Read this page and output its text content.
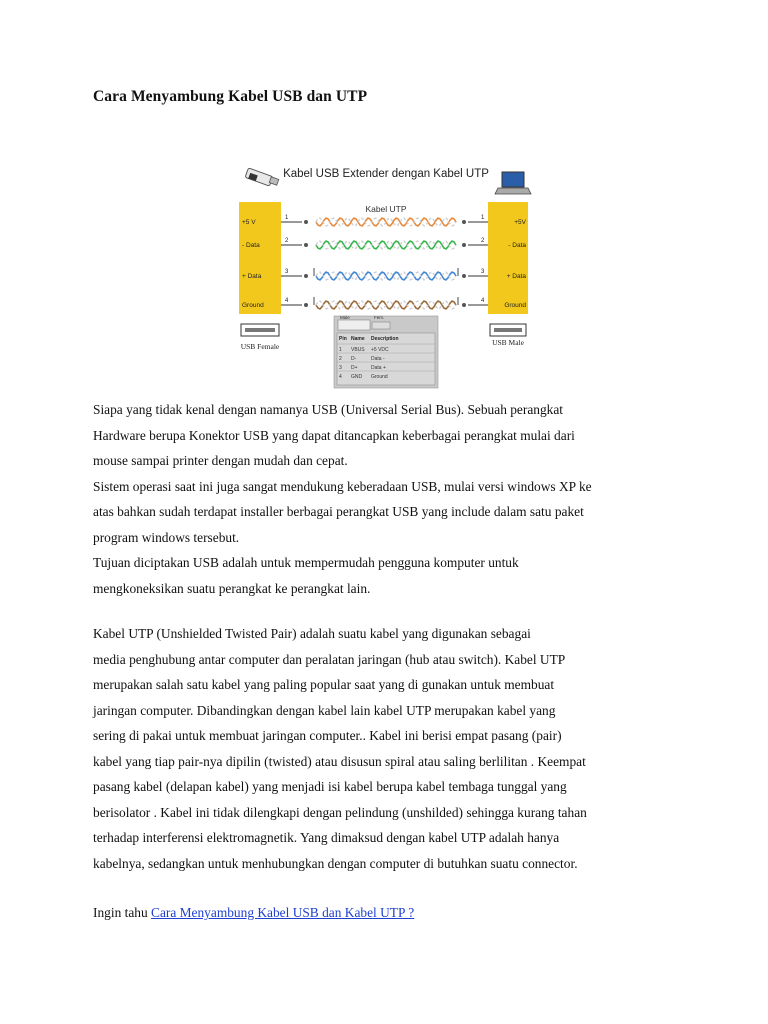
Cara Menyambung Kabel USB dan UTP
Kabel USB Extender dengan Kabel UTP
Kabel UTP
+5 V	+5V
1	1
- Data	- Data
2	2
+ Data	+ Data
3	3
Ground	Ground
4	4
USB Female	USB Male
Male	Fem.
Pin Name Description
1 VBUS +5 VDC
2 D-	Data -
3 D+	Data +
4 GND Ground
Siapa yang tidak kenal dengan namanya USB (Universal Serial Bus). Sebuah perangkat
Hardware berupa Konektor USB yang dapat ditancapkan keberbagai perangkat mulai dari
mouse sampai printer dengan mudah dan cepat.
Sistem operasi saat ini juga sangat mendukung keberadaan USB, mulai versi windows XP ke
atas bahkan sudah terdapat installer berbagai perangkat USB yang include dalam satu paket
program windows tersebut.
Tujuan diciptakan USB adalah untuk mempermudah pengguna komputer untuk
mengkoneksikan suatu perangkat ke perangkat lain.
Kabel UTP (Unshielded Twisted Pair) adalah suatu kabel yang digunakan sebagai
media penghubung antar computer dan peralatan jaringan (hub atau switch). Kabel UTP
merupakan salah satu kabel yang paling popular saat yang di gunakan untuk membuat
jaringan computer. Dibandingkan dengan kabel lain kabel UTP merupakan kabel yang
sering di pakai untuk membuat jaringan computer.. Kabel ini berisi empat pasang (pair)
kabel yang tiap pair-nya dipilin (twisted) atau disusun spiral atau saling berlilitan . Keempat
pasang kabel (delapan kabel) yang menjadi isi kabel berupa kabel tembaga tunggal yang
berisolator . Kabel ini tidak dilengkapi dengan pelindung (unshilded) sehingga kurang tahan
terhadap interferensi elektromagnetik. Yang dimaksud dengan kabel UTP adalah hanya
kabelnya, sedangkan untuk menhubungkan dengan computer di butuhkan suatu connector.
Ingin tahu Cara Menyambung Kabel USB dan Kabel UTP ?
